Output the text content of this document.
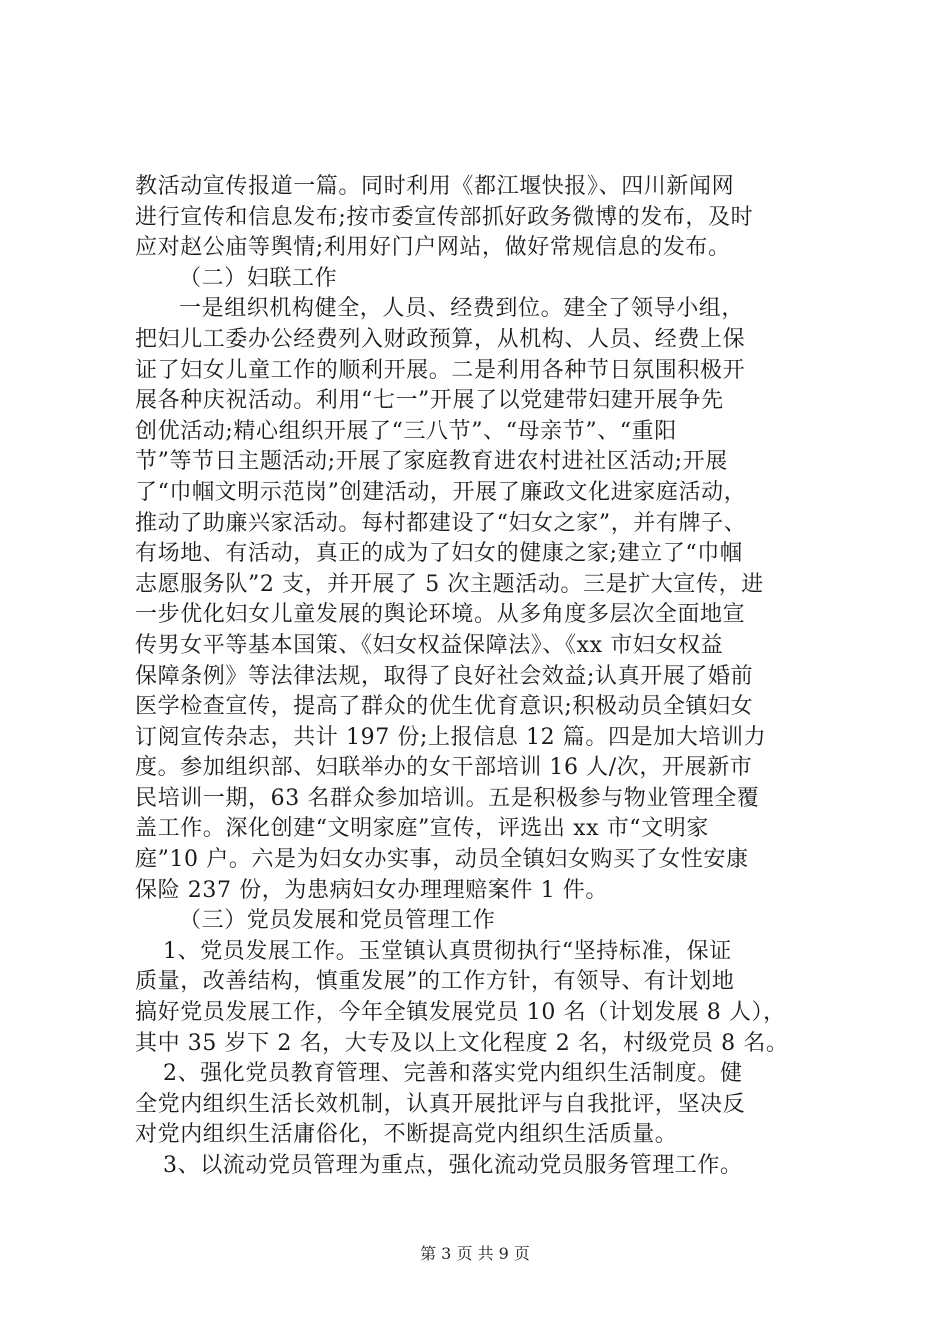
教活动宣传报道一篇。同时利用《都江堰快报》、四川新闻网
进行宣传和信息发布;按市委宣传部抓好政务微博的发布，及时
应对赵公庙等舆情;利用好门户网站，做好常规信息的发布。
（二）妇联工作
一是组织机构健全，人员、经费到位。建全了领导小组，
把妇儿工委办公经费列入财政预算，从机构、人员、经费上保
证了妇女儿童工作的顺利开展。二是利用各种节日氛围积极开
展各种庆祝活动。利用“七一”开展了以党建带妇建开展争先
创优活动;精心组织开展了“三八节”、“母亲节”、“重阳
节”等节日主题活动;开展了家庭教育进农村进社区活动;开展
了“巾帼文明示范岗”创建活动，开展了廉政文化进家庭活动，
推动了助廉兴家活动。每村都建设了“妇女之家”，并有牌子、
有场地、有活动，真正的成为了妇女的健康之家;建立了“巾帼
志愿服务队”2 支，并开展了 5 次主题活动。三是扩大宣传，进
一步优化妇女儿童发展的舆论环境。从多角度多层次全面地宣
传男女平等基本国策、《妇女权益保障法》、《xx 市妇女权益
保障条例》等法律法规，取得了良好社会效益;认真开展了婚前
医学检查宣传，提高了群众的优生优育意识;积极动员全镇妇女
订阅宣传杂志，共计 197 份;上报信息 12 篇。四是加大培训力
度。参加组织部、妇联举办的女干部培训 16 人/次，开展新市
民培训一期，63 名群众参加培训。五是积极参与物业管理全覆
盖工作。深化创建“文明家庭”宣传，评选出 xx 市“文明家
庭”10 户。六是为妇女办实事，动员全镇妇女购买了女性安康
保险 237 份，为患病妇女办理理赔案件 1 件。
（三）党员发展和党员管理工作
1、党员发展工作。玉堂镇认真贯彻执行“坚持标准，保证
质量，改善结构，慎重发展”的工作方针，有领导、有计划地
搞好党员发展工作，今年全镇发展党员 10 名（计划发展 8 人），
其中 35 岁下 2 名，大专及以上文化程度 2 名，村级党员 8 名。
2、强化党员教育管理、完善和落实党内组织生活制度。健
全党内组织生活长效机制，认真开展批评与自我批评，坚决反
对党内组织生活庸俗化，不断提高党内组织生活质量。
3、以流动党员管理为重点，强化流动党员服务管理工作。
第 3 页 共 9 页
